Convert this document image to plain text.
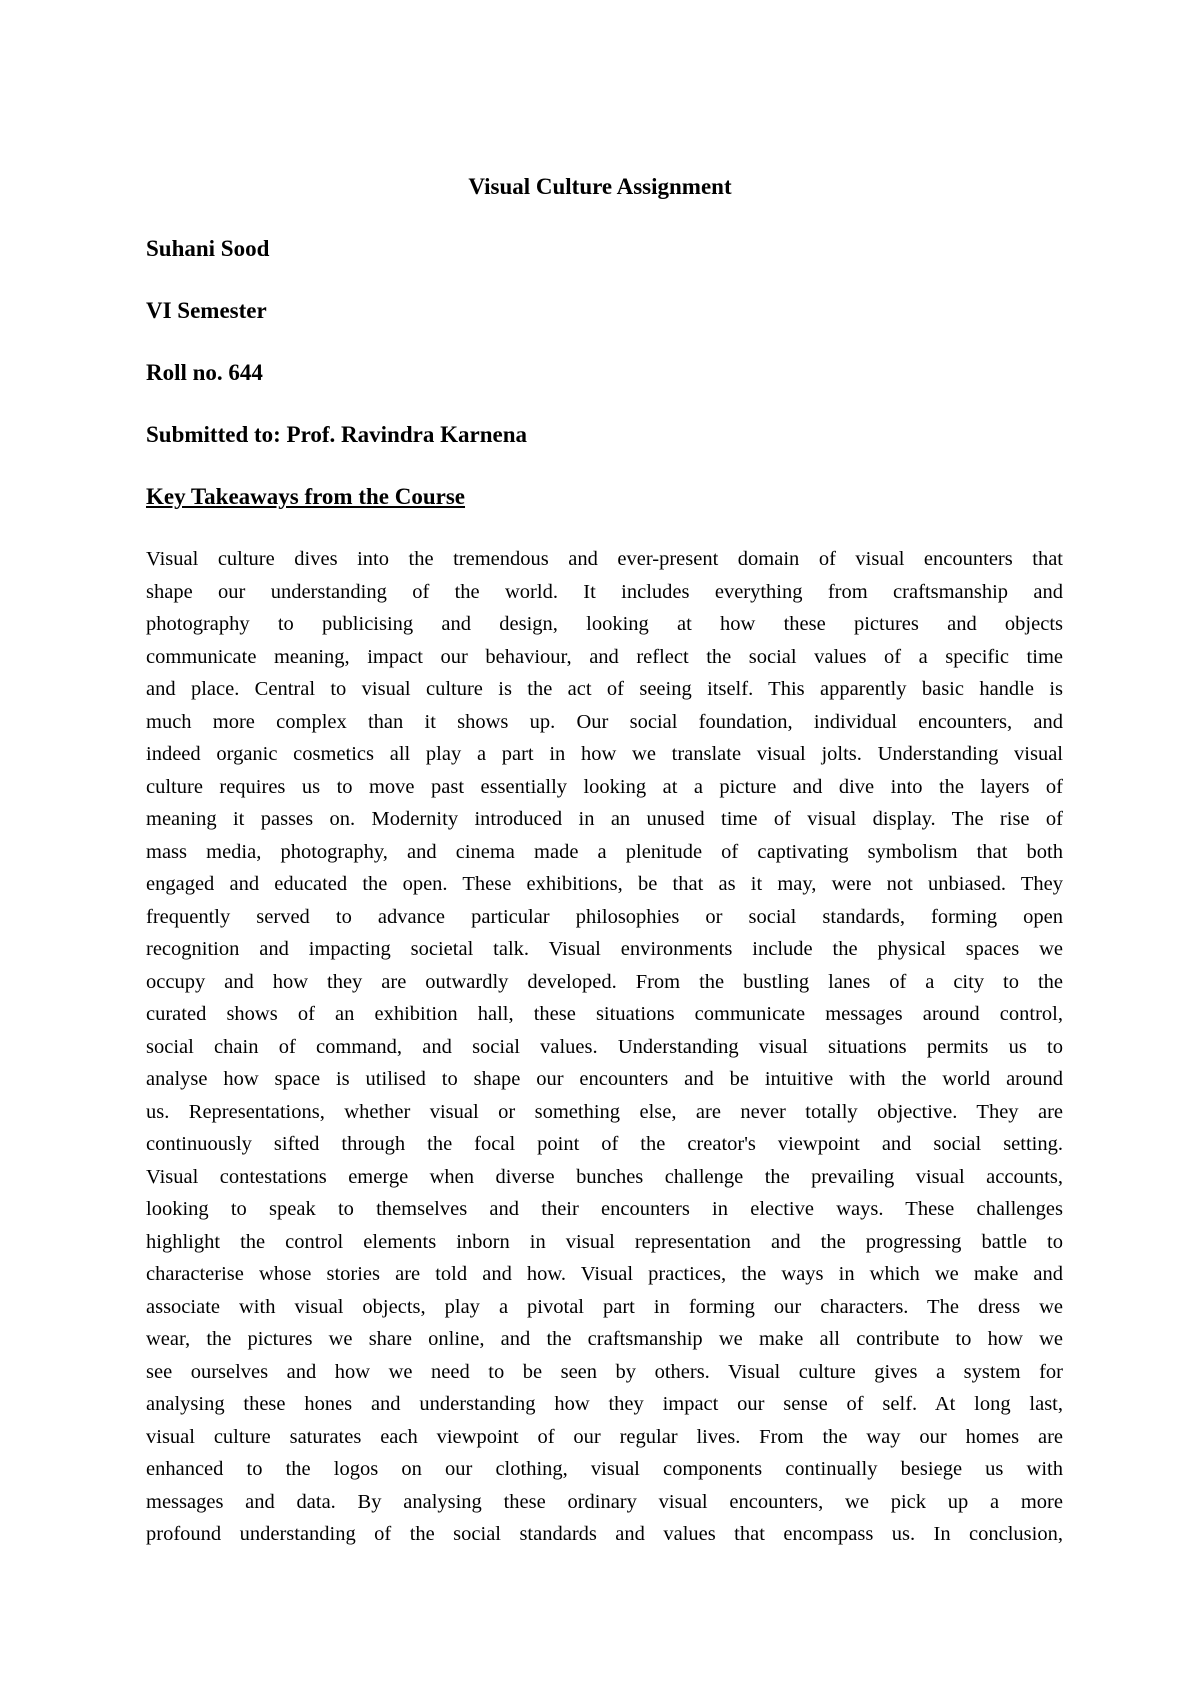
Visual Culture Assignment

Suhani Sood

VI Semester

Roll no. 644

Submitted to: Prof. Ravindra Karnena

Key Takeaways from the Course

Visual culture dives into the tremendous and ever-present domain of visual encounters that
shape our understanding of the world. It includes everything from craftsmanship and
photography to publicising and design, looking at how these pictures and objects
communicate meaning, impact our behaviour, and reflect the social values of a specific time
and place. Central to visual culture is the act of seeing itself. This apparently basic handle is
much more complex than it shows up. Our social foundation, individual encounters, and
indeed organic cosmetics all play a part in how we translate visual jolts. Understanding visual
culture requires us to move past essentially looking at a picture and dive into the layers of
meaning it passes on. Modernity introduced in an unused time of visual display. The rise of
mass media, photography, and cinema made a plenitude of captivating symbolism that both
engaged and educated the open. These exhibitions, be that as it may, were not unbiased. They
frequently served to advance particular philosophies or social standards, forming open
recognition and impacting societal talk. Visual environments include the physical spaces we
occupy and how they are outwardly developed. From the bustling lanes of a city to the
curated shows of an exhibition hall, these situations communicate messages around control,
social chain of command, and social values. Understanding visual situations permits us to
analyse how space is utilised to shape our encounters and be intuitive with the world around
us. Representations, whether visual or something else, are never totally objective. They are
continuously sifted through the focal point of the creator's viewpoint and social setting.
Visual contestations emerge when diverse bunches challenge the prevailing visual accounts,
looking to speak to themselves and their encounters in elective ways. These challenges
highlight the control elements inborn in visual representation and the progressing battle to
characterise whose stories are told and how. Visual practices, the ways in which we make and
associate with visual objects, play a pivotal part in forming our characters. The dress we
wear, the pictures we share online, and the craftsmanship we make all contribute to how we
see ourselves and how we need to be seen by others. Visual culture gives a system for
analysing these hones and understanding how they impact our sense of self. At long last,
visual culture saturates each viewpoint of our regular lives. From the way our homes are
enhanced to the logos on our clothing, visual components continually besiege us with
messages and data. By analysing these ordinary visual encounters, we pick up a more
profound understanding of the social standards and values that encompass us. In conclusion,
